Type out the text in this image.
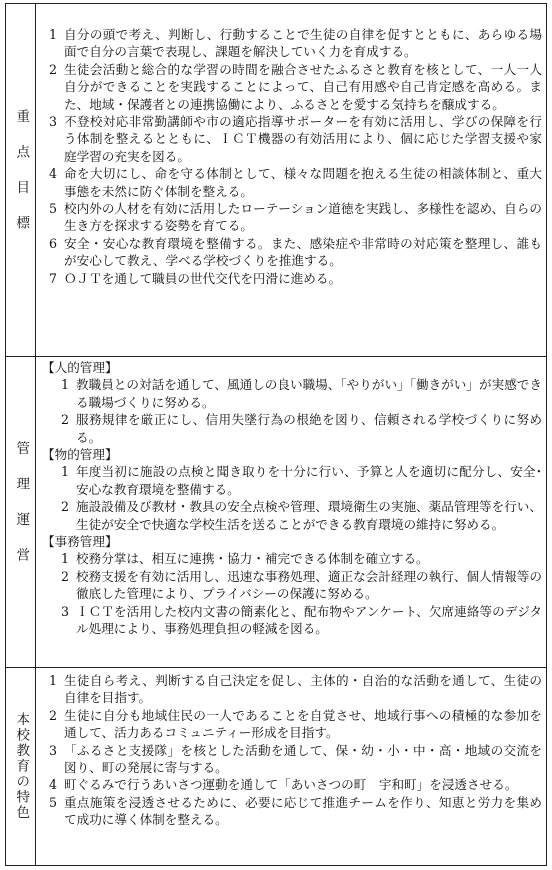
重点目標
1 自分の頭で考え、判断し、行動することで生徒の自律を促すとともに、あらゆる場面で自分の言葉で表現し、課題を解決していく力を育成する。
2 生徒会活動と総合的な学習の時間を融合させたふるさと教育を核として、一人一人自分ができることを実践することによって、自己有用感や自己肯定感を高める。また、地域・保護者との連携協働により、ふるさとを愛する気持ちを醸成する。
3 不登校対応非常勤講師や市の適応指導サポーターを有効に活用し、学びの保障を行う体制を整えるとともに、ＩＣＴ機器の有効活用により、個に応じた学習支援や家庭学習の充実を図る。
4 命を大切にし、命を守る体制として、様々な問題を抱える生徒の相談体制と、重大事態を未然に防ぐ体制を整える。
5 校内外の人材を有効に活用したローテーション道徳を実践し、多様性を認め、自らの生き方を探求する姿勢を育てる。
6 安全・安心な教育環境を整備する。また、感染症や非常時の対応策を整理し、誰もが安心して教え、学べる学校づくりを推進する。
7 ＯＪＴを通して職員の世代交代を円滑に進める。
管理運営
【人的管理】
1 教職員との対話を通して、風通しの良い職場、「やりがい」「働きがい」が実感できる職場づくりに努める。
2 服務規律を厳正にし、信用失墜行為の根絶を図り、信頼される学校づくりに努める。
【物的管理】
1 年度当初に施設の点検と聞き取りを十分に行い、予算と人を適切に配分し、安全･安心な教育環境を整備する。
2 施設設備及び教材・教具の安全点検や管理、環境衛生の実施、薬品管理等を行い、生徒が安全で快適な学校生活を送ることができる教育環境の維持に努める。
【事務管理】
1 校務分掌は、相互に連携・協力・補完できる体制を確立する。
2 校務支援を有効に活用し、迅速な事務処理、適正な会計経理の執行、個人情報等の徹底した管理により、プライバシーの保護に努める。
3 ＩＣＴを活用した校内文書の簡素化と、配布物やアンケート、欠席連絡等のデジタル処理により、事務処理負担の軽減を図る。
本校教育の特色
1 生徒自ら考え、判断する自己決定を促し、主体的・自治的な活動を通して、生徒の自律を目指す。
2 生徒に自分も地域住民の一人であることを自覚させ、地域行事への積極的な参加を通して、活力あるコミュニティー形成を目指す。
3 「ふるさと支援隊」を核とした活動を通して、保・幼・小・中・高・地域の交流を図り、町の発展に寄与する。
4 町ぐるみで行うあいさつ運動を通して「あいさつの町　宇和町」を浸透させる。
5 重点施策を浸透させるために、必要に応じて推進チームを作り、知恵と労力を集めて成功に導く体制を整える。
